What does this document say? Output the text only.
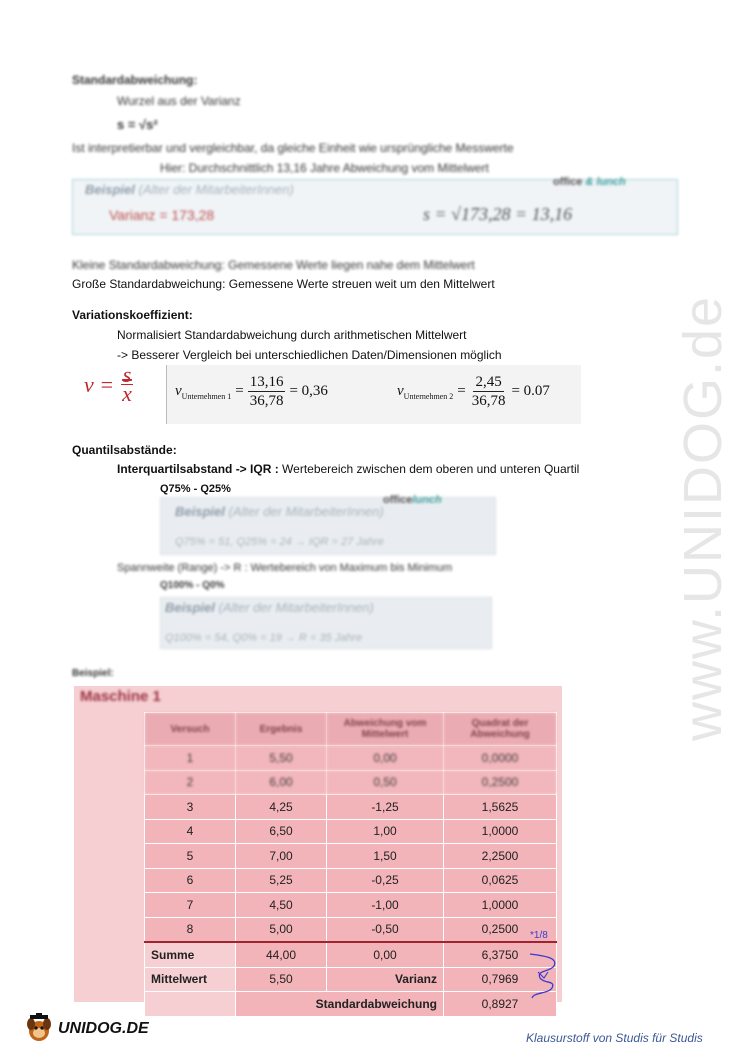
Standardabweichung:
Wurzel aus der Varianz
s = √s²
Ist interpretierbar und vergleichbar, da gleiche Einheit wie ursprüngliche Messwerte
Hier: Durchschnittlich 13,16 Jahre Abweichung vom Mittelwert
Beispiel (Alter der MitarbeiterInnen)	office & lunch
Varianz = 173,28	s = √173,28 = 13,16
Kleine Standardabweichung: Gemessene Werte liegen nahe dem Mittelwert
Große Standardabweichung: Gemessene Werte streuen weit um den Mittelwert
Variationskoeffizient:
Normalisiert Standardabweichung durch arithmetischen Mittelwert
-> Besserer Vergleich bei unterschiedlichen Daten/Dimensionen möglich
$v = \frac{s}{x}$	v Unternehmen $1 = \frac{13,16}{36,78} = 0,36$	v Unternehmen $2 = \frac{2,45}{36,78} = 0.07$
Quantilsabstände:
Interquartilsabstand -> IQR : Wertebereich zwischen dem oberen und unteren Quartil
Q75% - Q25%
Beispiel (Alter der MitarbeiterInnen)
officelunch
Q75% = 51, Q25% = 24 → IQR = 27 Jahre
Spannweite (Range) -> R : Wertebereich von Maximum bis Minimum
Q100% - Q0%
Beispiel (Alter der MitarbeiterInnen)
Q100% = 54, Q0% = 19 → R = 35 Jahre
Beispiel:
Maschine 1
Versuch	Ergebnis	Abweichung vom Mittelwert	Quadrat der Abweichung
1	5,50	0,00	0,0000
2	6,00	0,50	0,2500
3	4,25	-1,25	1,5625
4	6,50	1,00	1,0000
5	7,00	1,50	2,2500
6	5,25	-0,25	0,0625
7	4,50	-1,00	1,0000
8	5,00	-0,50	0,2500
Summe	44,00	0,00	6,3750
Mittelwert	5,50	Varianz	0,7969
	Standardabweichung		0,8927
*1/8
www.UNIDOG.de
UNIDOG.DE
Klausurstoff von Studis für Studis
